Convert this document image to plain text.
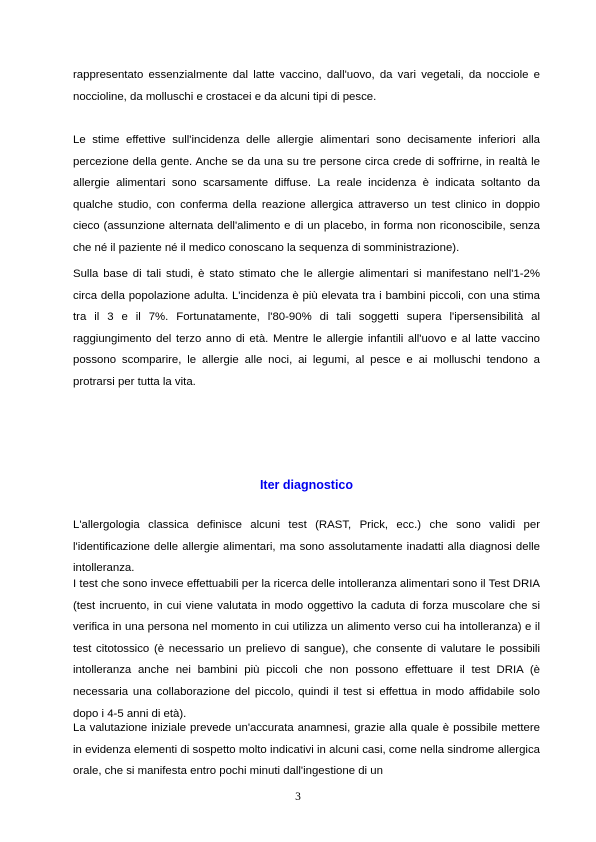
rappresentato essenzialmente dal latte vaccino, dall'uovo, da vari vegetali, da nocciole e noccioline, da molluschi e crostacei e da alcuni tipi di pesce.

Le stime effettive sull'incidenza delle allergie alimentari sono decisamente inferiori alla percezione della gente. Anche se da una su tre persone circa crede di soffrirne, in realtà le allergie alimentari sono scarsamente diffuse. La reale incidenza è indicata soltanto da qualche studio, con conferma della reazione allergica attraverso un test clinico in doppio cieco (assunzione alternata dell'alimento e di un placebo, in forma non riconoscibile, senza che né il paziente né il medico conoscano la sequenza di somministrazione).

Sulla base di tali studi, è stato stimato che le allergie alimentari si manifestano nell'1-2% circa della popolazione adulta. L'incidenza è più elevata tra i bambini piccoli, con una stima tra il 3 e il 7%. Fortunatamente, l'80-90% di tali soggetti supera l'ipersensibilità al raggiungimento del terzo anno di età. Mentre le allergie infantili all'uovo e al latte vaccino possono scomparire, le allergie alle noci, ai legumi, al pesce e ai molluschi tendono a protrarsi per tutta la vita.

Iter diagnostico

L'allergologia classica definisce alcuni test (RAST, Prick, ecc.) che sono validi per l'identificazione delle allergie alimentari, ma sono assolutamente inadatti alla diagnosi delle intolleranza.

I test che sono invece effettuabili per la ricerca delle intolleranza alimentari sono il Test DRIA (test incruento, in cui viene valutata in modo oggettivo la caduta di forza muscolare che si verifica in una persona nel momento in cui utilizza un alimento verso cui ha intolleranza) e il test citotossico (è necessario un prelievo di sangue), che consente di valutare le possibili intolleranza anche nei bambini più piccoli che non possono effettuare il test DRIA (è necessaria una collaborazione del piccolo, quindi il test si effettua in modo affidabile solo dopo i 4-5 anni di età).

La valutazione iniziale prevede un'accurata anamnesi, grazie alla quale è possibile mettere in evidenza elementi di sospetto molto indicativi in alcuni casi, come nella sindrome allergica orale, che si manifesta entro pochi minuti dall'ingestione di un

3
